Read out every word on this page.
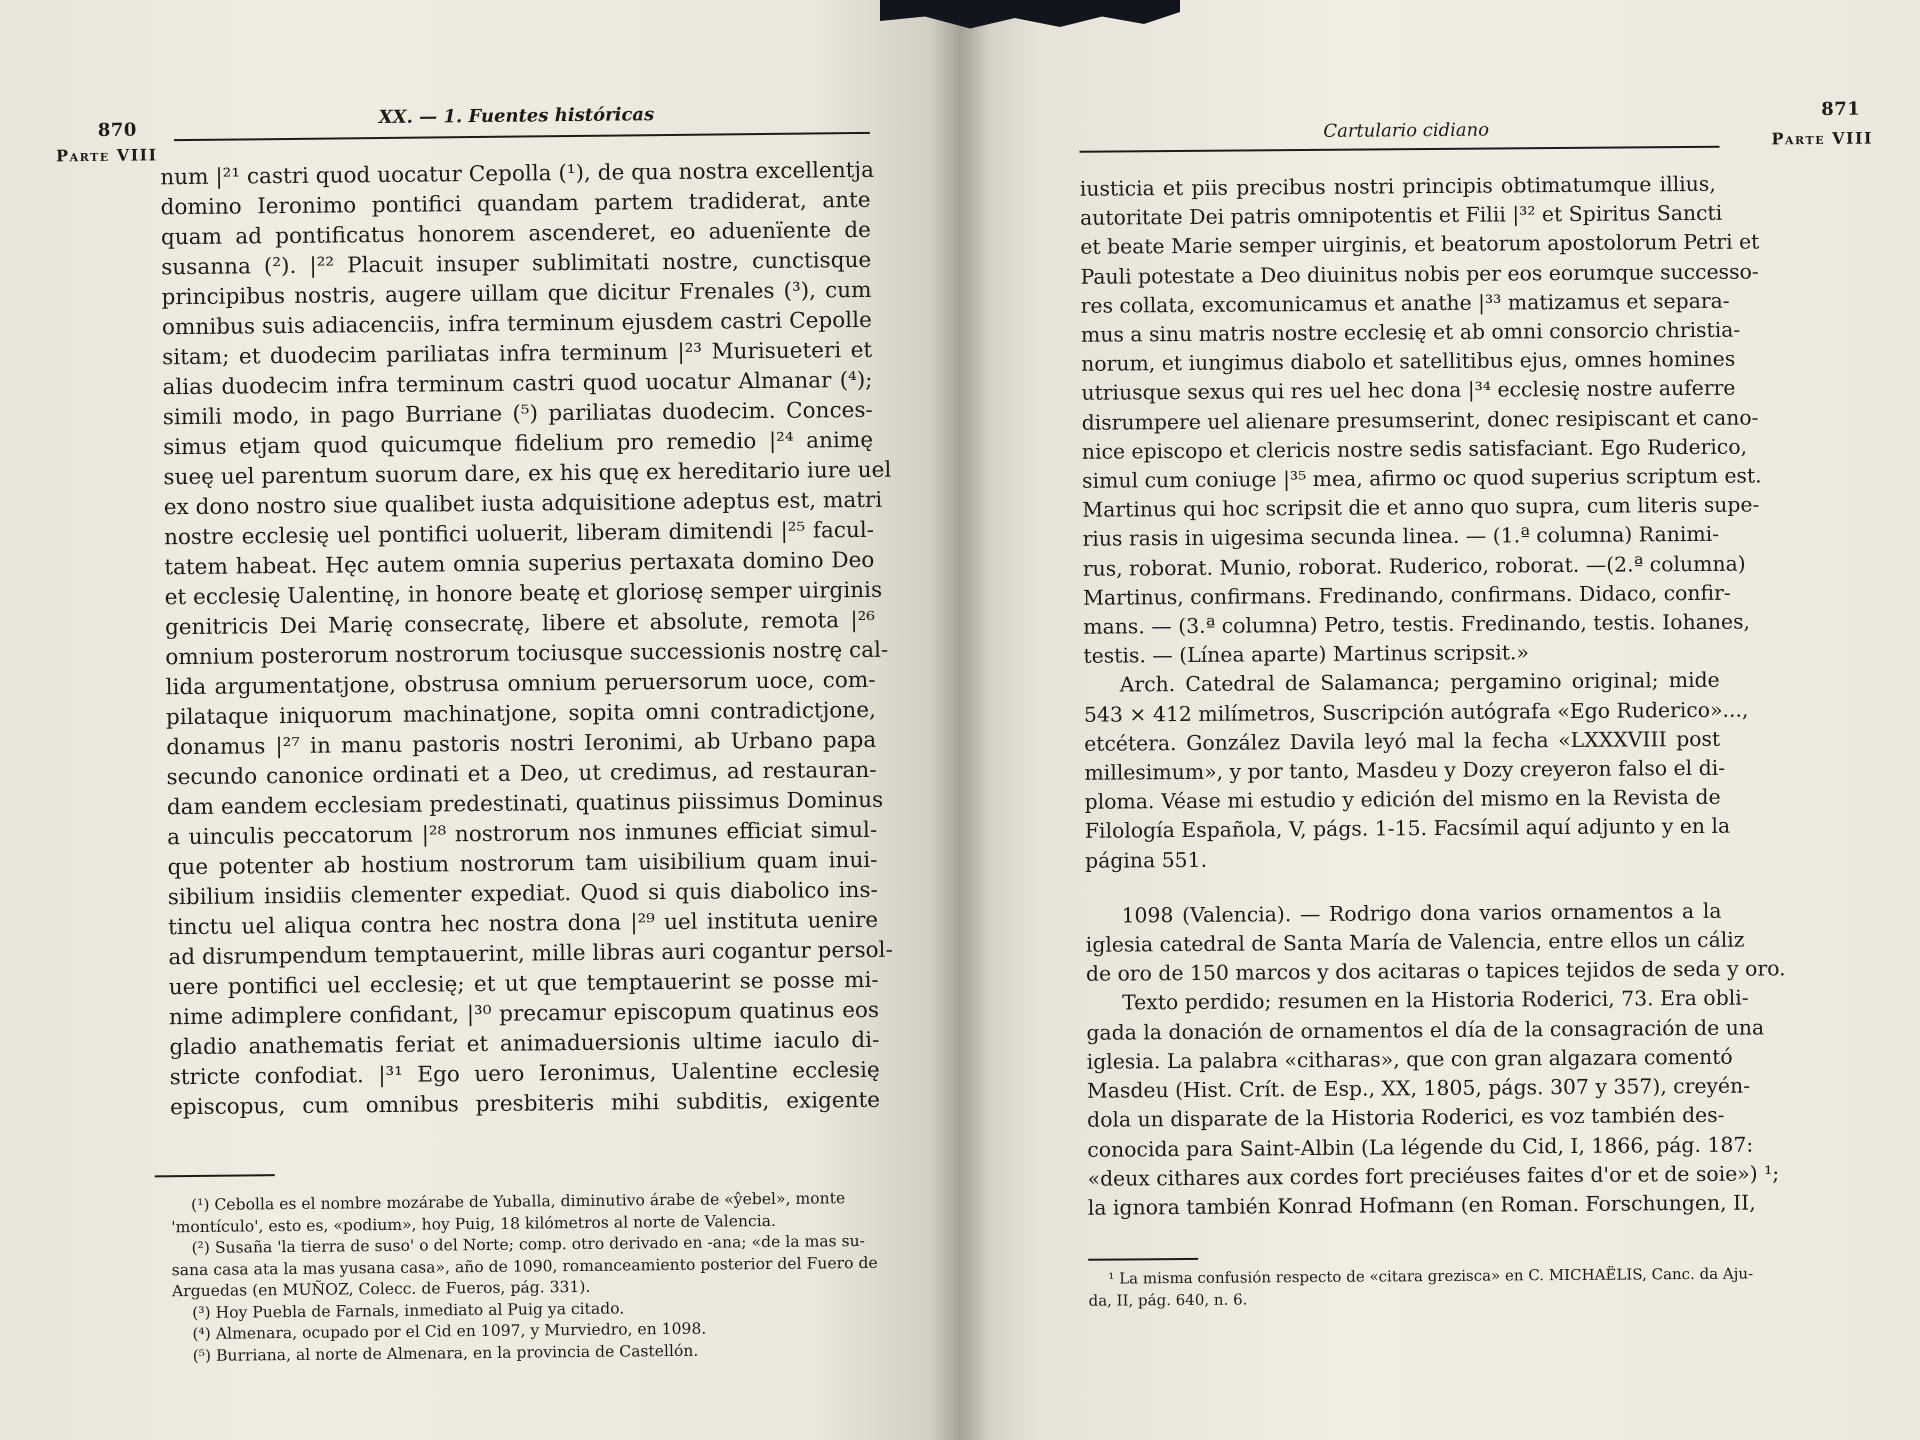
870
Parte VIII
XX. — 1. Fuentes históricas
num |²¹ castri quod uocatur Cepolla (¹), de qua nostra excellentja
domino Ieronimo pontifici quandam partem tradiderat, ante
quam ad pontificatus honorem ascenderet, eo aduenïente de
susanna (²). |²² Placuit insuper sublimitati nostre, cunctisque
principibus nostris, augere uillam que dicitur Frenales (³), cum
omnibus suis adiacenciis, infra terminum ejusdem castri Cepolle
sitam; et duodecim pariliatas infra terminum |²³ Murisueteri et
alias duodecim infra terminum castri quod uocatur Almanar (⁴);
simili modo, in pago Burriane (⁵) pariliatas duodecim. Conces-
simus etjam quod quicumque fidelium pro remedio |²⁴ animę
sueę uel parentum suorum dare, ex his quę ex hereditario iure uel
ex dono nostro siue qualibet iusta adquisitione adeptus est, matri
nostre ecclesię uel pontifici uoluerit, liberam dimitendi |²⁵ facul-
tatem habeat. Hęc autem omnia superius pertaxata domino Deo
et ecclesię Ualentinę, in honore beatę et gloriosę semper uirginis
genitricis Dei Marię consecratę, libere et absolute, remota |²⁶
omnium posterorum nostrorum tociusque successionis nostrę cal-
lida argumentatjone, obstrusa omnium peruersorum uoce, com-
pilataque iniquorum machinatjone, sopita omni contradictjone,
donamus |²⁷ in manu pastoris nostri Ieronimi, ab Urbano papa
secundo canonice ordinati et a Deo, ut credimus, ad restauran-
dam eandem ecclesiam predestinati, quatinus piissimus Dominus
a uinculis peccatorum |²⁸ nostrorum nos inmunes efficiat simul-
que potenter ab hostium nostrorum tam uisibilium quam inui-
sibilium insidiis clementer expediat. Quod si quis diabolico ins-
tinctu uel aliqua contra hec nostra dona |²⁹ uel instituta uenire
ad disrumpendum temptauerint, mille libras auri cogantur persol-
uere pontifici uel ecclesię; et ut que temptauerint se posse mi-
nime adimplere confidant, |³⁰ precamur episcopum quatinus eos
gladio anathematis feriat et animaduersionis ultime iaculo di-
stricte confodiat. |³¹ Ego uero Ieronimus, Ualentine ecclesię
episcopus, cum omnibus presbiteris mihi subditis, exigente
(¹) Cebolla es el nombre mozárabe de Yuballa, diminutivo árabe de «ŷebel», monte
'montículo', esto es, «podium», hoy Puig, 18 kilómetros al norte de Valencia.
(²) Susaña 'la tierra de suso' o del Norte; comp. otro derivado en -ana; «de la mas su-
sana casa ata la mas yusana casa», año de 1090, romanceamiento posterior del Fuero de
Arguedas (en MUÑOZ, Colecc. de Fueros, pág. 331).
(³) Hoy Puebla de Farnals, inmediato al Puig ya citado.
(⁴) Almenara, ocupado por el Cid en 1097, y Murviedro, en 1098.
(⁵) Burriana, al norte de Almenara, en la provincia de Castellón.
871
Parte VIII
Cartulario cidiano
iusticia et piis precibus nostri principis obtimatumque illius,
autoritate Dei patris omnipotentis et Filii |³² et Spiritus Sancti
et beate Marie semper uirginis, et beatorum apostolorum Petri et
Pauli potestate a Deo diuinitus nobis per eos eorumque successo-
res collata, excomunicamus et anathe |³³ matizamus et separa-
mus a sinu matris nostre ecclesię et ab omni consorcio christia-
norum, et iungimus diabolo et satellitibus ejus, omnes homines
utriusque sexus qui res uel hec dona |³⁴ ecclesię nostre auferre
disrumpere uel alienare presumserint, donec resipiscant et cano-
nice episcopo et clericis nostre sedis satisfaciant. Ego Ruderico,
simul cum coniuge |³⁵ mea, afirmo oc quod superius scriptum est.
Martinus qui hoc scripsit die et anno quo supra, cum literis supe-
rius rasis in uigesima secunda linea. — (1.ª columna) Ranimi-
rus, roborat. Munio, roborat. Ruderico, roborat. —(2.ª columna)
Martinus, confirmans. Fredinando, confirmans. Didaco, confir-
mans. — (3.ª columna) Petro, testis. Fredinando, testis. Iohanes,
testis. — (Línea aparte) Martinus scripsit.»
Arch. Catedral de Salamanca; pergamino original; mide
543 × 412 milímetros, Suscripción autógrafa «Ego Ruderico»...,
etcétera. González Davila leyó mal la fecha «LXXXVIII post
millesimum», y por tanto, Masdeu y Dozy creyeron falso el di-
ploma. Véase mi estudio y edición del mismo en la Revista de
Filología Española, V, págs. 1-15. Facsímil aquí adjunto y en la
página 551.
1098 (Valencia). — Rodrigo dona varios ornamentos a la
iglesia catedral de Santa María de Valencia, entre ellos un cáliz
de oro de 150 marcos y dos acitaras o tapices tejidos de seda y oro.
Texto perdido; resumen en la Historia Roderici, 73. Era obli-
gada la donación de ornamentos el día de la consagración de una
iglesia. La palabra «citharas», que con gran algazara comentó
Masdeu (Hist. Crít. de Esp., XX, 1805, págs. 307 y 357), creyén-
dola un disparate de la Historia Roderici, es voz también des-
conocida para Saint-Albin (La légende du Cid, I, 1866, pág. 187:
«deux cithares aux cordes fort preciéuses faites d'or et de soie») ¹;
la ignora también Konrad Hofmann (en Roman. Forschungen, II,
¹ La misma confusión respecto de «citara grezisca» en C. MICHAËLIS, Canc. da Aju-
da, II, pág. 640, n. 6.
